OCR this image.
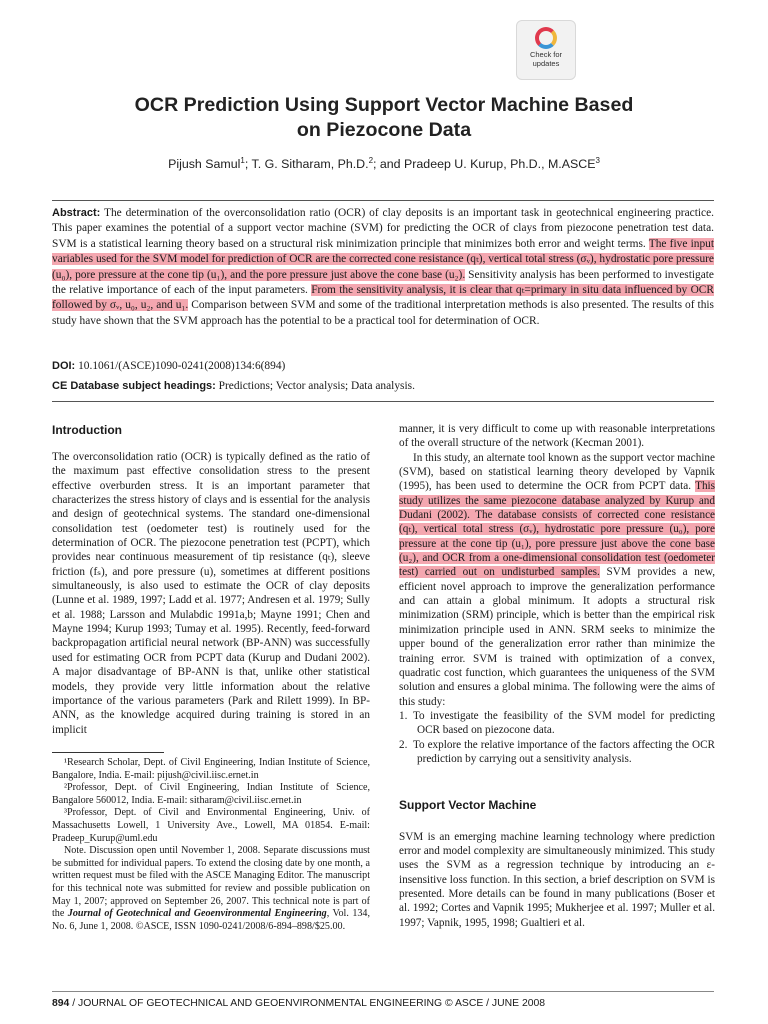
Check for
updates
OCR Prediction Using Support Vector Machine Based
on Piezocone Data
Pijush Samul$^1$; T. G. Sitharam, Ph.D.$^2$; and Pradeep U. Kurup, Ph.D., M.ASCE$^3$
Abstract: The determination of the overconsolidation ratio (OCR) of clay deposits is an important task in geotechnical engineering practice. This paper examines the potential of a support vector machine (SVM) for predicting the OCR of clays from piezocone penetration test data. SVM is a statistical learning theory based on a structural risk minimization principle that minimizes both error and weight terms. The five input variables used for the SVM model for prediction of OCR are the corrected cone resistance (qₜ), vertical total stress (σᵥ), hydrostatic pore pressure (u₀), pore pressure at the cone tip (u₁), and the pore pressure just above the cone base (u₂). Sensitivity analysis has been performed to investigate the relative importance of each of the input parameters. From the sensitivity analysis, it is clear that qₜ=primary in situ data influenced by OCR followed by σᵥ, u₀, u₂, and u₁. Comparison between SVM and some of the traditional interpretation methods is also presented. The results of this study have shown that the SVM approach has the potential to be a practical tool for determination of OCR.
DOI: 10.1061/(ASCE)1090-0241(2008)134:6(894)
CE Database subject headings: Predictions; Vector analysis; Data analysis.
Introduction
The overconsolidation ratio (OCR) is typically defined as the ratio of the maximum past effective consolidation stress to the present effective overburden stress. It is an important parameter that characterizes the stress history of clays and is essential for the analysis and design of geotechnical systems. The standard one-dimensional consolidation test (oedometer test) is routinely used for the determination of OCR. The piezocone penetration test (PCPT), which provides near continuous measurement of tip resistance (qₜ), sleeve friction (fₛ), and pore pressure (u), sometimes at different positions simultaneously, is also used to estimate the OCR of clay deposits (Lunne et al. 1989, 1997; Ladd et al. 1977; Andresen et al. 1979; Sully et al. 1988; Larsson and Mulabdic 1991a,b; Mayne 1991; Chen and Mayne 1994; Kurup 1993; Tumay et al. 1995). Recently, feed-forward backpropagation artificial neural network (BP-ANN) was successfully used for estimating OCR from PCPT data (Kurup and Dudani 2002). A major disadvantage of BP-ANN is that, unlike other statistical models, they provide very little information about the relative importance of the various parameters (Park and Rilett 1999). In BP-ANN, as the knowledge acquired during training is stored in an implicit

¹Research Scholar, Dept. of Civil Engineering, Indian Institute of Science, Bangalore, India. E-mail: pijush@civil.iisc.ernet.in

²Professor, Dept. of Civil Engineering, Indian Institute of Science, Bangalore 560012, India. E-mail: sitharam@civil.iisc.ernet.in

³Professor, Dept. of Civil and Environmental Engineering, Univ. of Massachusetts Lowell, 1 University Ave., Lowell, MA 01854. E-mail: Pradeep_Kurup@uml.edu

Note. Discussion open until November 1, 2008. Separate discussions must be submitted for individual papers. To extend the closing date by one month, a written request must be filed with the ASCE Managing Editor. The manuscript for this technical note was submitted for review and possible publication on May 1, 2007; approved on September 26, 2007. This technical note is part of the Journal of Geotechnical and Geoenvironmental Engineering, Vol. 134, No. 6, June 1, 2008. ©ASCE, ISSN 1090-0241/2008/6-894–898/$25.00.

manner, it is very difficult to come up with reasonable interpretations of the overall structure of the network (Kecman 2001).
In this study, an alternate tool known as the support vector machine (SVM), based on statistical learning theory developed by Vapnik (1995), has been used to determine the OCR from PCPT data. This study utilizes the same piezocone database analyzed by Kurup and Dudani (2002). The database consists of corrected cone resistance (qₜ), vertical total stress (σᵥ), hydrostatic pore pressure (u₀), pore pressure at the cone tip (u₁), pore pressure just above the cone base (u₂), and OCR from a one-dimensional consolidation test (oedometer test) carried out on undisturbed samples. SVM provides a new, efficient novel approach to improve the generalization performance and can attain a global minimum. It adopts a structural risk minimization (SRM) principle, which is better than the empirical risk minimization principle used in ANN. SRM seeks to minimize the upper bound of the generalization error rather than minimize the training error. SVM is trained with optimization of a convex, quadratic cost function, which guarantees the uniqueness of the SVM solution and ensures a global minima. The following were the aims of this study:
1. To investigate the feasibility of the SVM model for predicting OCR based on piezocone data.
2. To explore the relative importance of the factors affecting the OCR prediction by carrying out a sensitivity analysis.
Support Vector Machine
SVM is an emerging machine learning technology where prediction error and model complexity are simultaneously minimized. This study uses the SVM as a regression technique by introducing an ε-insensitive loss function. In this section, a brief description on SVM is presented. More details can be found in many publications (Boser et al. 1992; Cortes and Vapnik 1995; Mukherjee et al. 1997; Muller et al. 1997; Vapnik, 1995, 1998; Gualtieri et al.
894 / JOURNAL OF GEOTECHNICAL AND GEOENVIRONMENTAL ENGINEERING © ASCE / JUNE 2008
